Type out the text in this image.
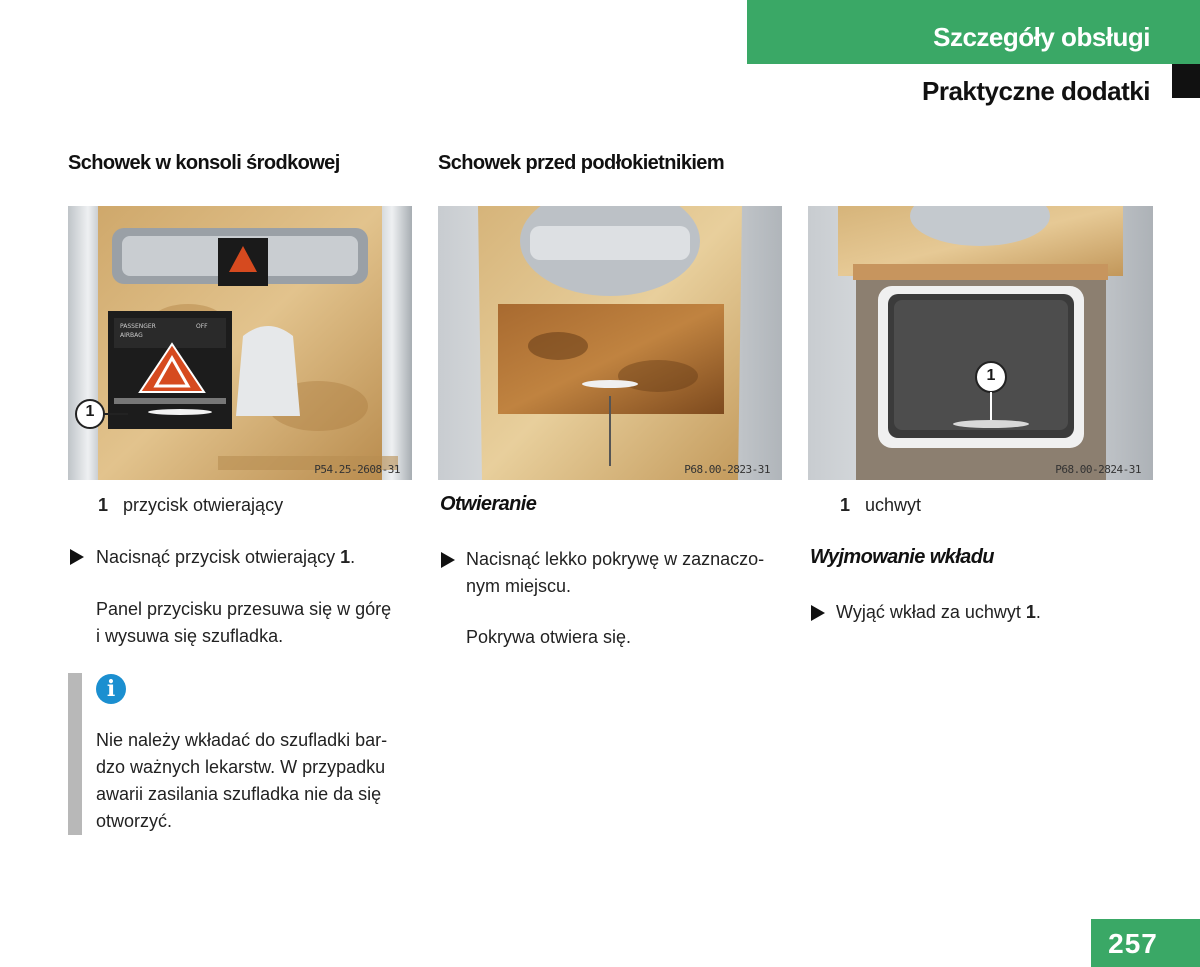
Szczegóły obsługi
Praktyczne dodatki
Schowek w konsoli środkowej	Schowek przed podłokietnikiem
PASSENGER
AIRBAG
OFF
1
P54.25-2608-31	P68.00-2823-31
1
P68.00-2824-31
1 przycisk otwierający
Nacisnąć przycisk otwierający 1.
Panel przycisku przesuwa się w górę
i wysuwa się szufladka.
i
Nie należy wkładać do szufladki bar-
dzo ważnych lekarstw. W przypadku
awarii zasilania szufladka nie da się
otworzyć.
Otwieranie
Nacisnąć lekko pokrywę w zaznaczo-
nym miejscu.
Pokrywa otwiera się.
1 uchwyt
Wyjmowanie wkładu
Wyjąć wkład za uchwyt 1.
257
